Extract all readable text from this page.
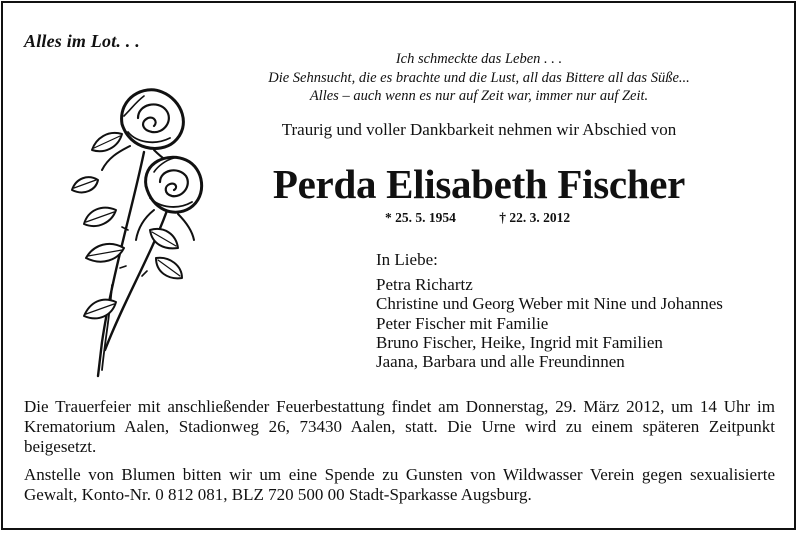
Alles im Lot. . .
Ich schmeckte das Leben . . .
Die Sehnsucht, die es brachte und die Lust, all das Bittere all das Süße...
Alles – auch wenn es nur auf Zeit war, immer nur auf Zeit.
Traurig und voller Dankbarkeit nehmen wir Abschied von
Perda Elisabeth Fischer
* 25. 5. 1954	† 22. 3. 2012
In Liebe:
Petra Richartz
Christine und Georg Weber mit Nine und Johannes
Peter Fischer mit Familie
Bruno Fischer, Heike, Ingrid mit Familien
Jaana, Barbara und alle Freundinnen

Die Trauerfeier mit anschließender Feuerbestattung findet am Donnerstag, 29. März 2012, um 14 Uhr im Krematorium Aalen, Stadionweg 26, 73430 Aalen, statt. Die Urne wird zu einem späteren Zeitpunkt beigesetzt.

Anstelle von Blumen bitten wir um eine Spende zu Gunsten von Wildwasser Verein gegen sexualisierte Gewalt, Konto-Nr. 0 812 081, BLZ 720 500 00 Stadt-Sparkasse Augsburg.
